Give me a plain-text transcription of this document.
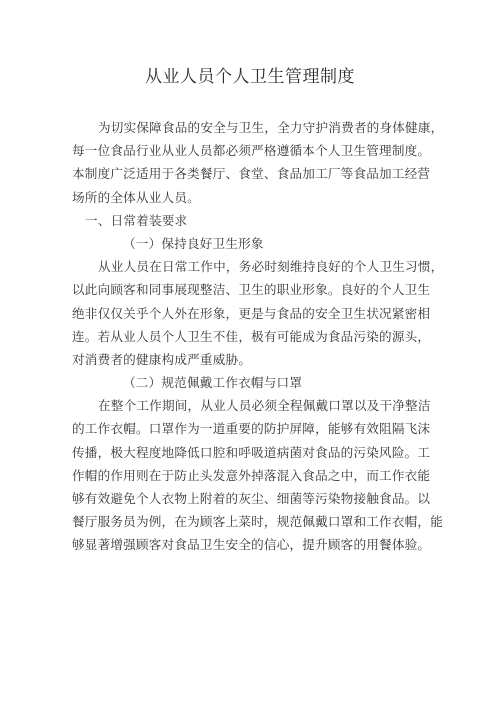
从业人员个人卫生管理制度
为切实保障食品的安全与卫生，全力守护消费者的身体健康，
每一位食品行业从业人员都必须严格遵循本个人卫生管理制度。
本制度广泛适用于各类餐厅、食堂、食品加工厂等食品加工经营
场所的全体从业人员。
一、日常着装要求
（一）保持良好卫生形象
从业人员在日常工作中，务必时刻维持良好的个人卫生习惯，
以此向顾客和同事展现整洁、卫生的职业形象。良好的个人卫生
绝非仅仅关乎个人外在形象，更是与食品的安全卫生状况紧密相
连。若从业人员个人卫生不佳，极有可能成为食品污染的源头，
对消费者的健康构成严重威胁。
（二）规范佩戴工作衣帽与口罩
在整个工作期间，从业人员必须全程佩戴口罩以及干净整洁
的工作衣帽。口罩作为一道重要的防护屏障，能够有效阻隔飞沫
传播，极大程度地降低口腔和呼吸道病菌对食品的污染风险。工
作帽的作用则在于防止头发意外掉落混入食品之中，而工作衣能
够有效避免个人衣物上附着的灰尘、细菌等污染物接触食品。以
餐厅服务员为例，在为顾客上菜时，规范佩戴口罩和工作衣帽，能
够显著增强顾客对食品卫生安全的信心，提升顾客的用餐体验。
